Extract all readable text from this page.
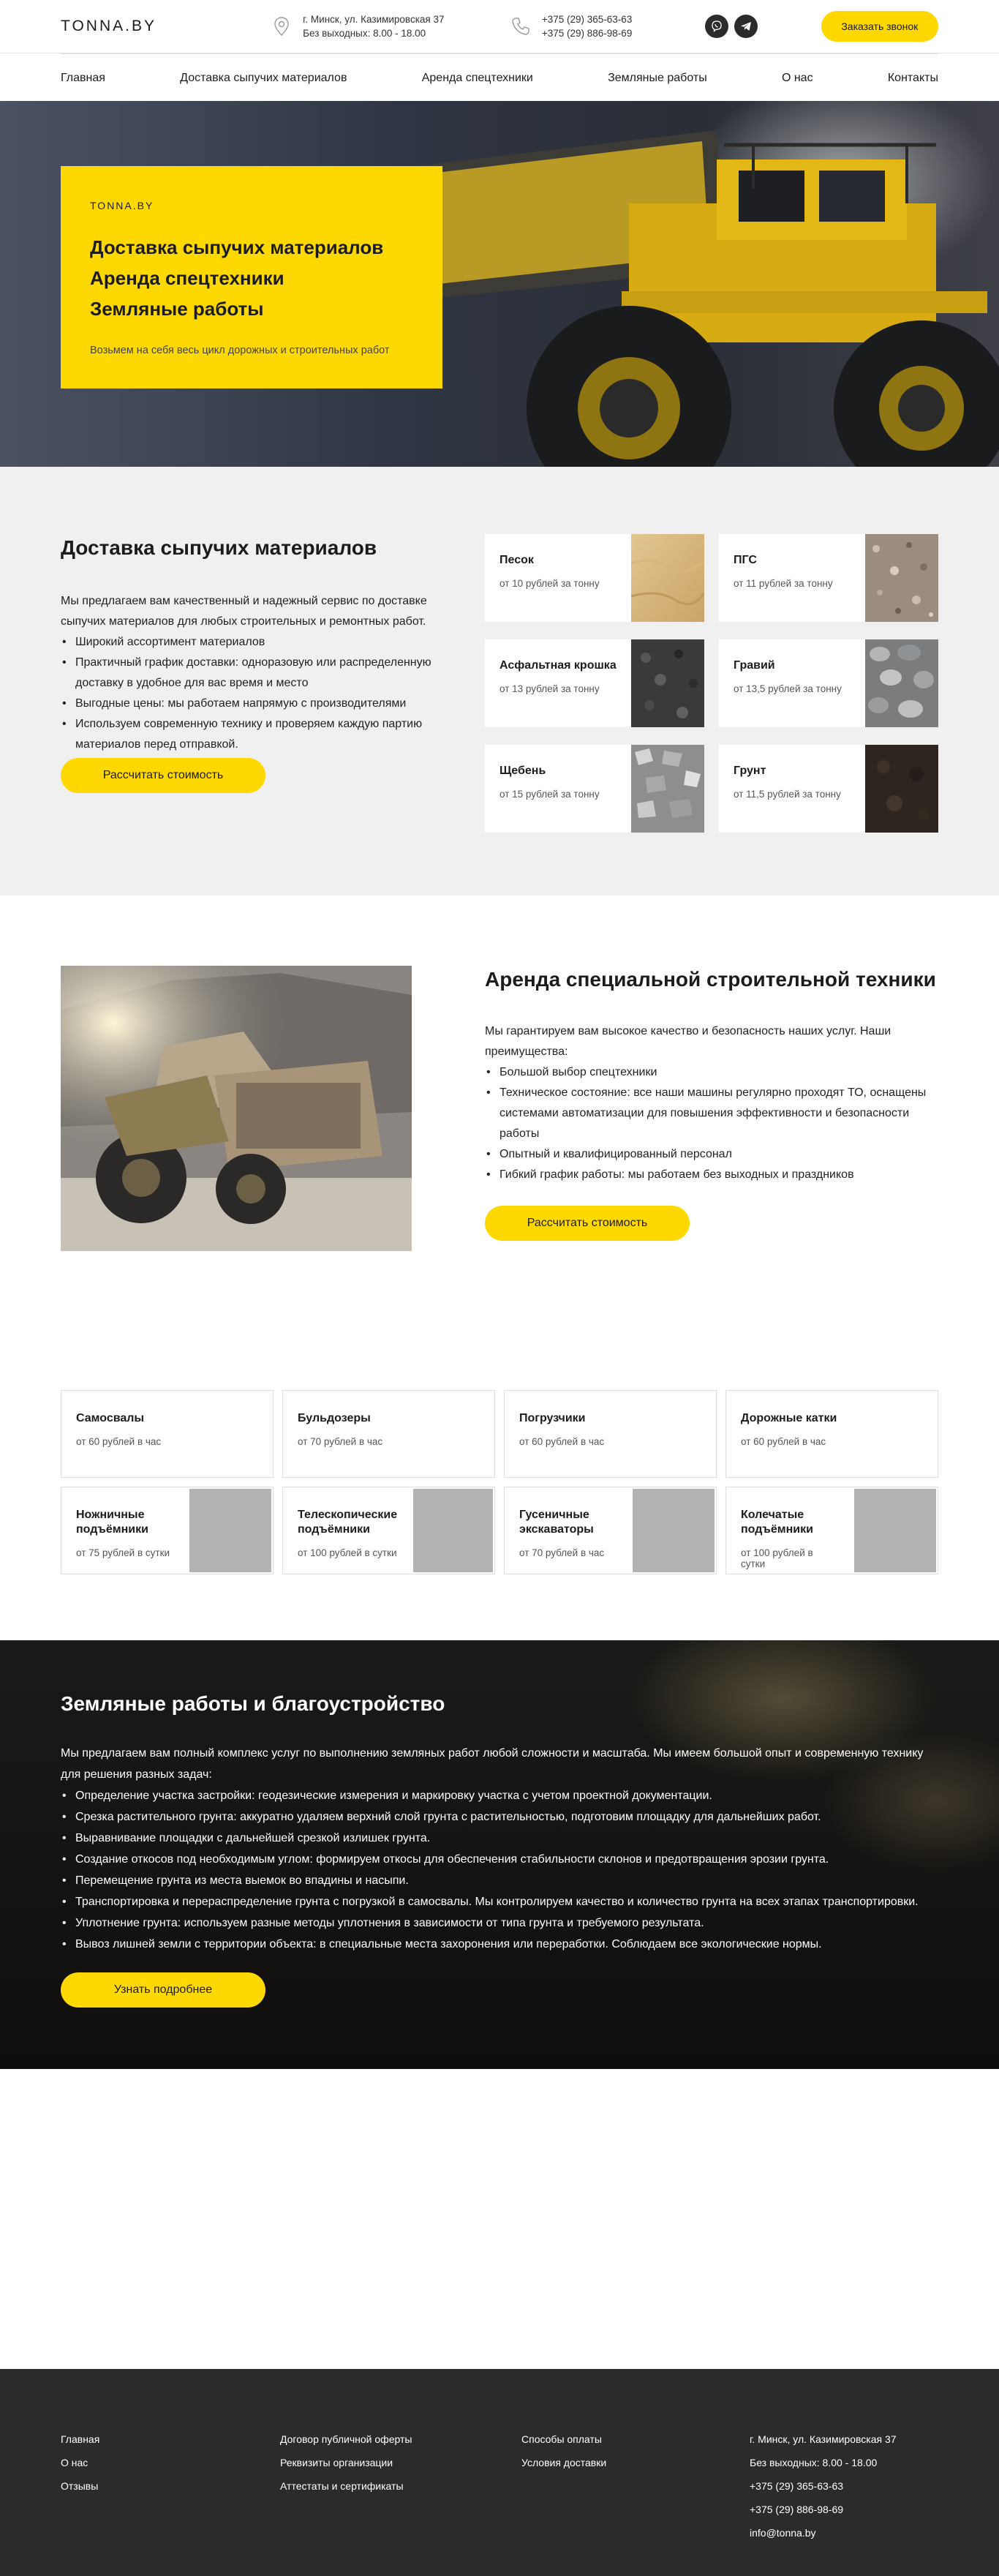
TONNA.BY	г. Минск, ул. Казимировская 37
Без выходных: 8.00 - 18.00
+375 (29) 365-63-63
+375 (29) 886-98-69
Заказать звонок
Главная	Доставка сыпучих материалов	Аренда спецтехники	Земляные работы	О нас	Контакты
TONNA.BY
Доставка сыпучих материалов
Аренда спецтехники
Земляные работы
Возьмем на себя весь цикл дорожных и строительных работ
Доставка сыпучих материалов

Мы предлагаем вам качественный и надежный сервис по доставке сыпучих материалов для любых строительных и ремонтных работ.

• Широкий ассортимент материалов
• Практичный график доставки: одноразовую или распределенную доставку в удобное для вас время и место
• Выгодные цены: мы работаем напрямую с производителями
• Используем современную технику и проверяем каждую партию материалов перед отправкой.
Рассчитать стоимость
Песок
от 10 рублей за тонну
ПГС
от 11 рублей за тонну
Асфальтная крошка
от 13 рублей за тонну
Гравий
от 13,5 рублей за тонну
Щебень
от 15 рублей за тонну
Грунт
от 11,5 рублей за тонну
Аренда специальной строительной техники

Мы гарантируем вам высокое качество и безопасность наших услуг. Наши преимущества:

• Большой выбор спецтехники
• Техническое состояние: все наши машины регулярно проходят ТО, оснащены системами автоматизации для повышения эффективности и безопасности работы
• Опытный и квалифицированный персонал
• Гибкий график работы: мы работаем без выходных и праздников
Рассчитать стоимость
Самосвалы
от 60 рублей в час
Бульдозеры
от 70 рублей в час
Погрузчики
от 60 рублей в час
Дорожные катки
от 60 рублей в час
Ножничные подъёмники
от 75 рублей в сутки
Телескопические подъёмники
от 100 рублей в сутки
Гусеничные экскаваторы
от 70 рублей в час
Колечатые подъёмники
от 100 рублей в сутки
Земляные работы и благоустройство

Мы предлагаем вам полный комплекс услуг по выполнению земляных работ любой сложности и масштаба. Мы имеем большой опыт и современную технику для решения разных задач:

• Определение участка застройки: геодезические измерения и маркировку участка с учетом проектной документации.
• Срезка растительного грунта: аккуратно удаляем верхний слой грунта с растительностью, подготовим площадку для дальнейших работ.
• Выравнивание площадки с дальнейшей срезкой излишек грунта.
• Создание откосов под необходимым углом: формируем откосы для обеспечения стабильности склонов и предотвращения эрозии грунта.
• Перемещение грунта из места выемок во впадины и насыпи.
• Транспортировка и перераспределение грунта с погрузкой в самосвалы. Мы контролируем качество и количество грунта на всех этапах транспортировки.
• Уплотнение грунта: используем разные методы уплотнения в зависимости от типа грунта и требуемого результата.
• Вывоз лишней земли с территории объекта: в специальные места захоронения или переработки. Соблюдаем все экологические нормы.
Узнать подробнее
Главная
О нас
Отзывы
Договор публичной оферты
Реквизиты организации
Аттестаты и сертификаты
Способы оплаты
Условия доставки
г. Минск, ул. Казимировская 37
Без выходных: 8.00 - 18.00
+375 (29) 365-63-63
+375 (29) 886-98-69
info@tonna.by
